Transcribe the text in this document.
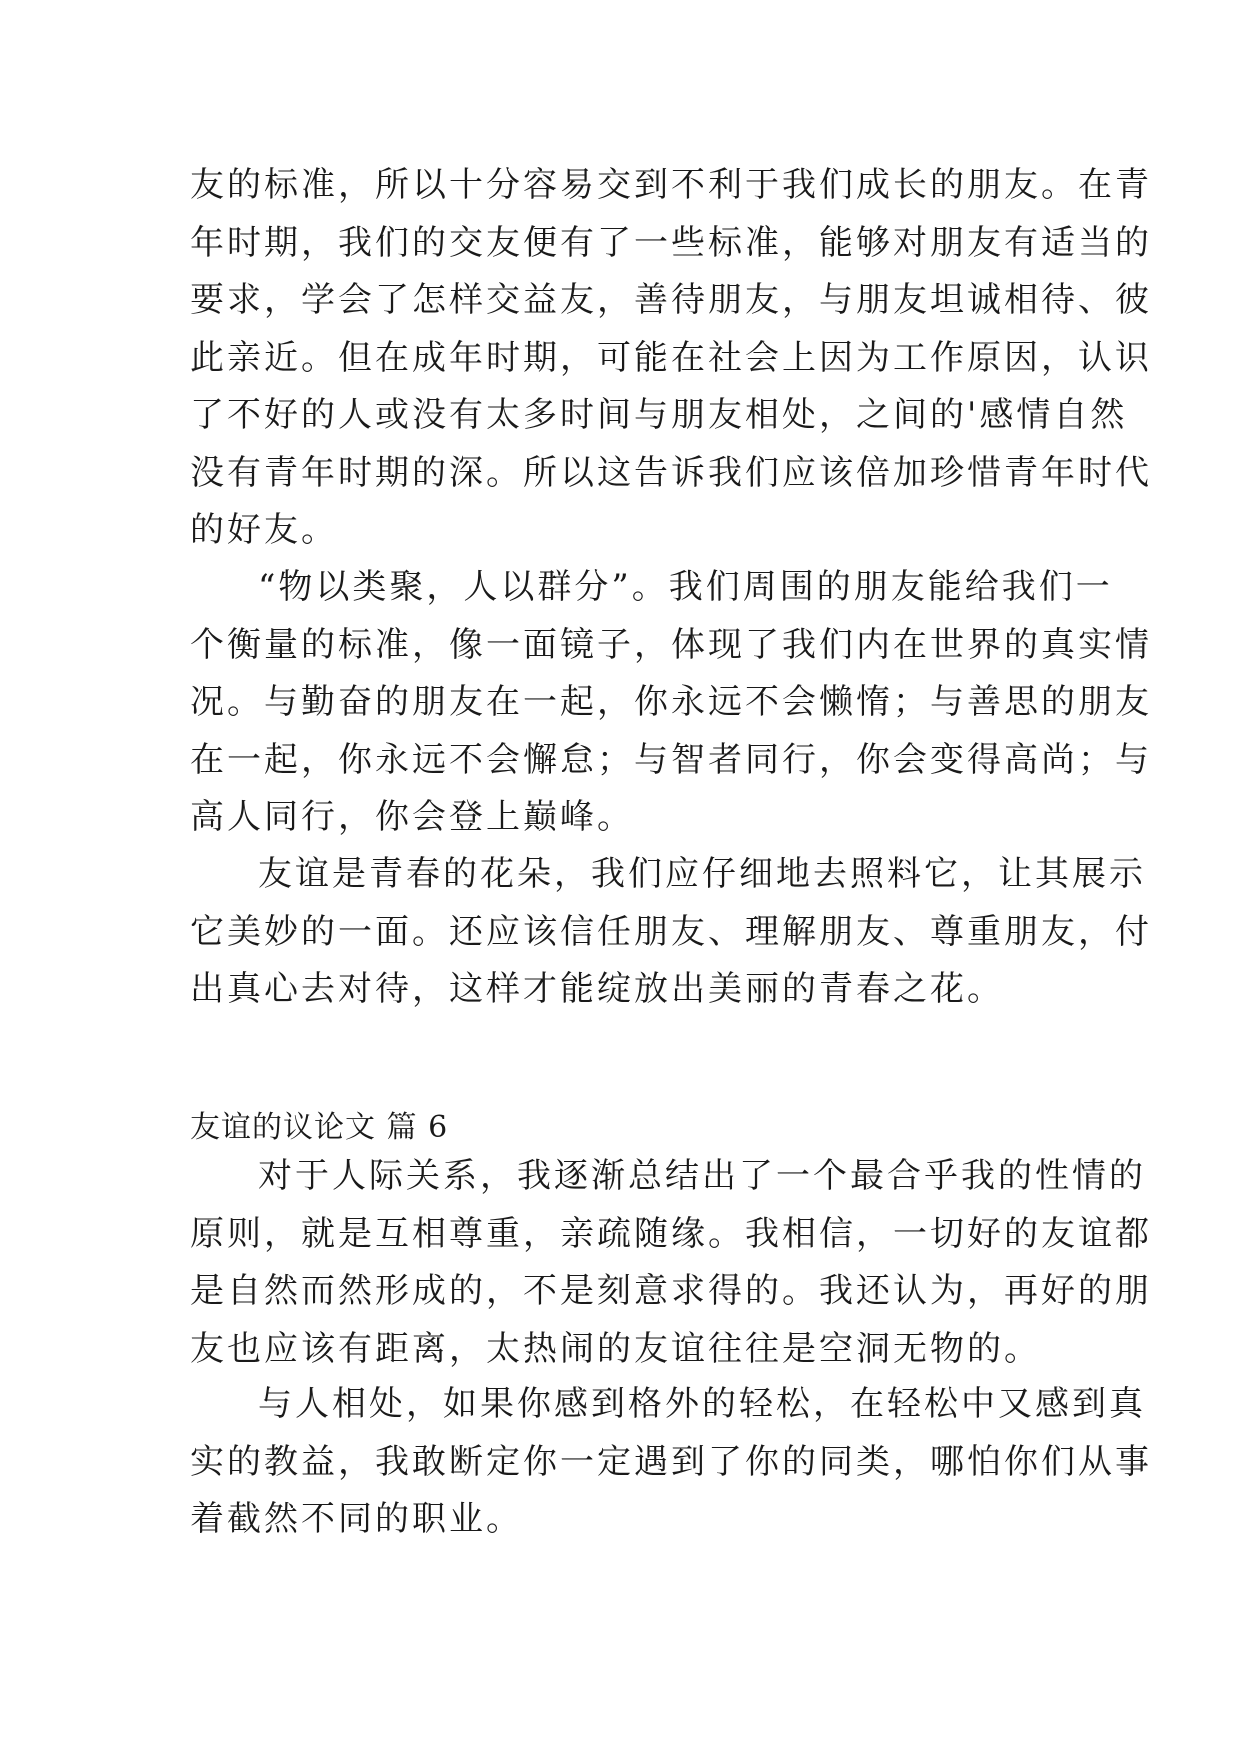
友的标准，所以十分容易交到不利于我们成长的朋友。在青
年时期，我们的交友便有了一些标准，能够对朋友有适当的
要求，学会了怎样交益友，善待朋友，与朋友坦诚相待、彼
此亲近。但在成年时期，可能在社会上因为工作原因，认识
了不好的人或没有太多时间与朋友相处，之间的'感情自然
没有青年时期的深。所以这告诉我们应该倍加珍惜青年时代
的好友。
“物以类聚，人以群分”。我们周围的朋友能给我们一
个衡量的标准，像一面镜子，体现了我们内在世界的真实情
况。与勤奋的朋友在一起，你永远不会懒惰；与善思的朋友
在一起，你永远不会懈怠；与智者同行，你会变得高尚；与
高人同行，你会登上巅峰。
友谊是青春的花朵，我们应仔细地去照料它，让其展示
它美妙的一面。还应该信任朋友、理解朋友、尊重朋友，付
出真心去对待，这样才能绽放出美丽的青春之花。
友谊的议论文 篇 6
对于人际关系，我逐渐总结出了一个最合乎我的性情的
原则，就是互相尊重，亲疏随缘。我相信，一切好的友谊都
是自然而然形成的，不是刻意求得的。我还认为，再好的朋
友也应该有距离，太热闹的友谊往往是空洞无物的。
与人相处，如果你感到格外的轻松，在轻松中又感到真
实的教益，我敢断定你一定遇到了你的同类，哪怕你们从事
着截然不同的职业。
